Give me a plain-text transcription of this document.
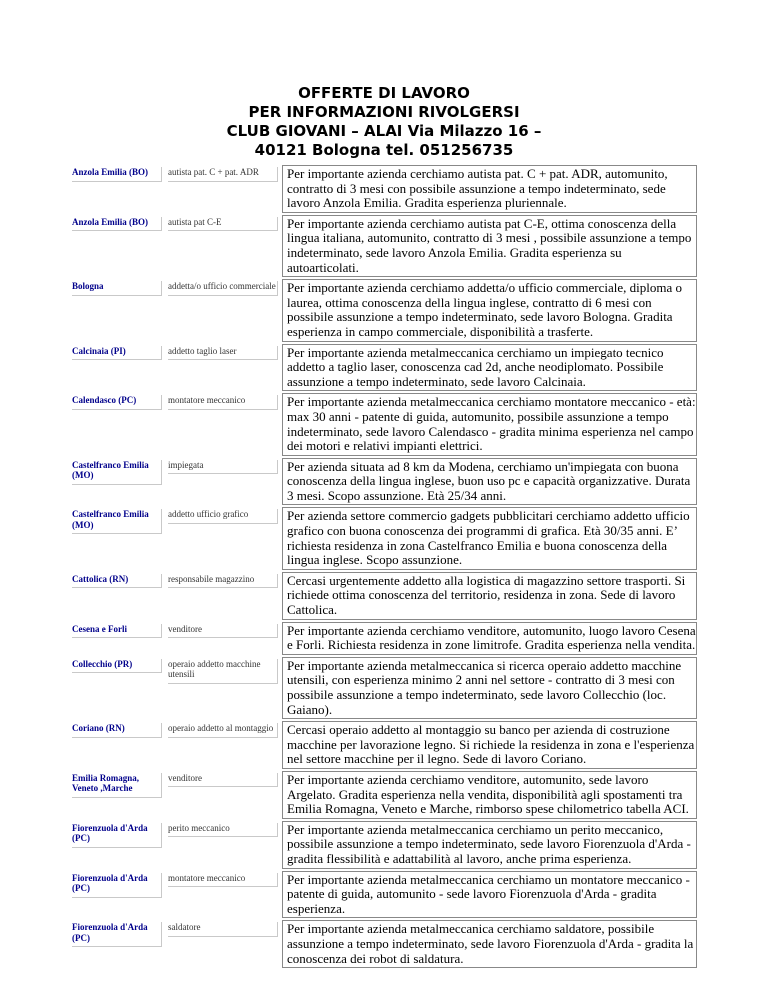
OFFERTE DI LAVORO
PER INFORMAZIONI RIVOLGERSI
CLUB GIOVANI – ALAI Via Milazzo 16 –
40121 Bologna tel. 051256735
Anzola Emilia (BO)		autista pat. C + pat. ADR		Per importante azienda cerchiamo autista pat. C + pat. ADR, automunito, contratto di 3 mesi con possibile assunzione a tempo indeterminato, sede lavoro Anzola Emilia. Gradita esperienza pluriennale.

Anzola Emilia (BO)		autista pat C-E		Per importante azienda cerchiamo autista pat C-E, ottima conoscenza della lingua italiana, automunito, contratto di 3 mesi , possibile assunzione a tempo indeterminato, sede lavoro Anzola Emilia. Gradita esperienza su autoarticolati.

Bologna		addetta/o ufficio commerciale		Per importante azienda cerchiamo addetta/o ufficio commerciale, diploma o laurea, ottima conoscenza della lingua inglese, contratto di 6 mesi con possibile assunzione a tempo indeterminato, sede lavoro Bologna. Gradita esperienza in campo commerciale, disponibilità a trasferte.

Calcinaia (PI)		addetto taglio laser		Per importante azienda metalmeccanica cerchiamo un impiegato tecnico addetto a taglio laser, conoscenza cad 2d, anche neodiplomato. Possibile assunzione a tempo indeterminato, sede lavoro Calcinaia.

Calendasco (PC)		montatore meccanico		Per importante azienda metalmeccanica cerchiamo montatore meccanico - età: max 30 anni - patente di guida, automunito, possibile assunzione a tempo indeterminato, sede lavoro Calendasco - gradita minima esperienza nel campo dei motori e relativi impianti elettrici.

Castelfranco Emilia (MO)		impiegata		Per azienda situata ad 8 km da Modena, cerchiamo un'impiegata con buona conoscenza della lingua inglese, buon uso pc e capacità organizzative. Durata 3 mesi. Scopo assunzione. Età 25/34 anni.

Castelfranco Emilia (MO)		addetto ufficio grafico		Per azienda settore commercio gadgets pubblicitari cerchiamo addetto ufficio grafico con buona conoscenza dei programmi di grafica. Età 30/35 anni. E’ richiesta residenza in zona Castelfranco Emilia e buona conoscenza della lingua inglese. Scopo assunzione.

Cattolica (RN)		responsabile magazzino		Cercasi urgentemente addetto alla logistica di magazzino settore trasporti. Si richiede ottima conoscenza del territorio, residenza in zona. Sede di lavoro Cattolica.

Cesena e Forli		venditore		Per importante azienda cerchiamo venditore, automunito, luogo lavoro Cesena e Forli. Richiesta residenza in zone limitrofe. Gradita esperienza nella vendita.

Collecchio (PR)		operaio addetto macchine utensili		Per importante azienda metalmeccanica si ricerca operaio addetto macchine utensili, con esperienza minimo 2 anni nel settore - contratto di 3 mesi con possibile assunzione a tempo indeterminato, sede lavoro Collecchio (loc. Gaiano).

Coriano (RN)		operaio addetto al montaggio		Cercasi operaio addetto al montaggio su banco per azienda di costruzione macchine per lavorazione legno. Si richiede la residenza in zona e l'esperienza nel settore macchine per il legno. Sede di lavoro Coriano.

Emilia Romagna, Veneto ,Marche		venditore		Per importante azienda cerchiamo venditore, automunito, sede lavoro Argelato. Gradita esperienza nella vendita, disponibilità agli spostamenti tra Emilia Romagna, Veneto e Marche, rimborso spese chilometrico tabella ACI.

Fiorenzuola d'Arda (PC)		perito meccanico		Per importante azienda metalmeccanica cerchiamo un perito meccanico, possibile assunzione a tempo indeterminato, sede lavoro Fiorenzuola d'Arda - gradita flessibilità e adattabilità al lavoro, anche prima esperienza.

Fiorenzuola d'Arda (PC)		montatore meccanico		Per importante azienda metalmeccanica cerchiamo un montatore meccanico - patente di guida, automunito - sede lavoro Fiorenzuola d'Arda - gradita esperienza.

Fiorenzuola d'Arda (PC)		saldatore		Per importante azienda metalmeccanica cerchiamo saldatore, possibile assunzione a tempo indeterminato, sede lavoro Fiorenzuola d'Arda - gradita la conoscenza dei robot di saldatura.
